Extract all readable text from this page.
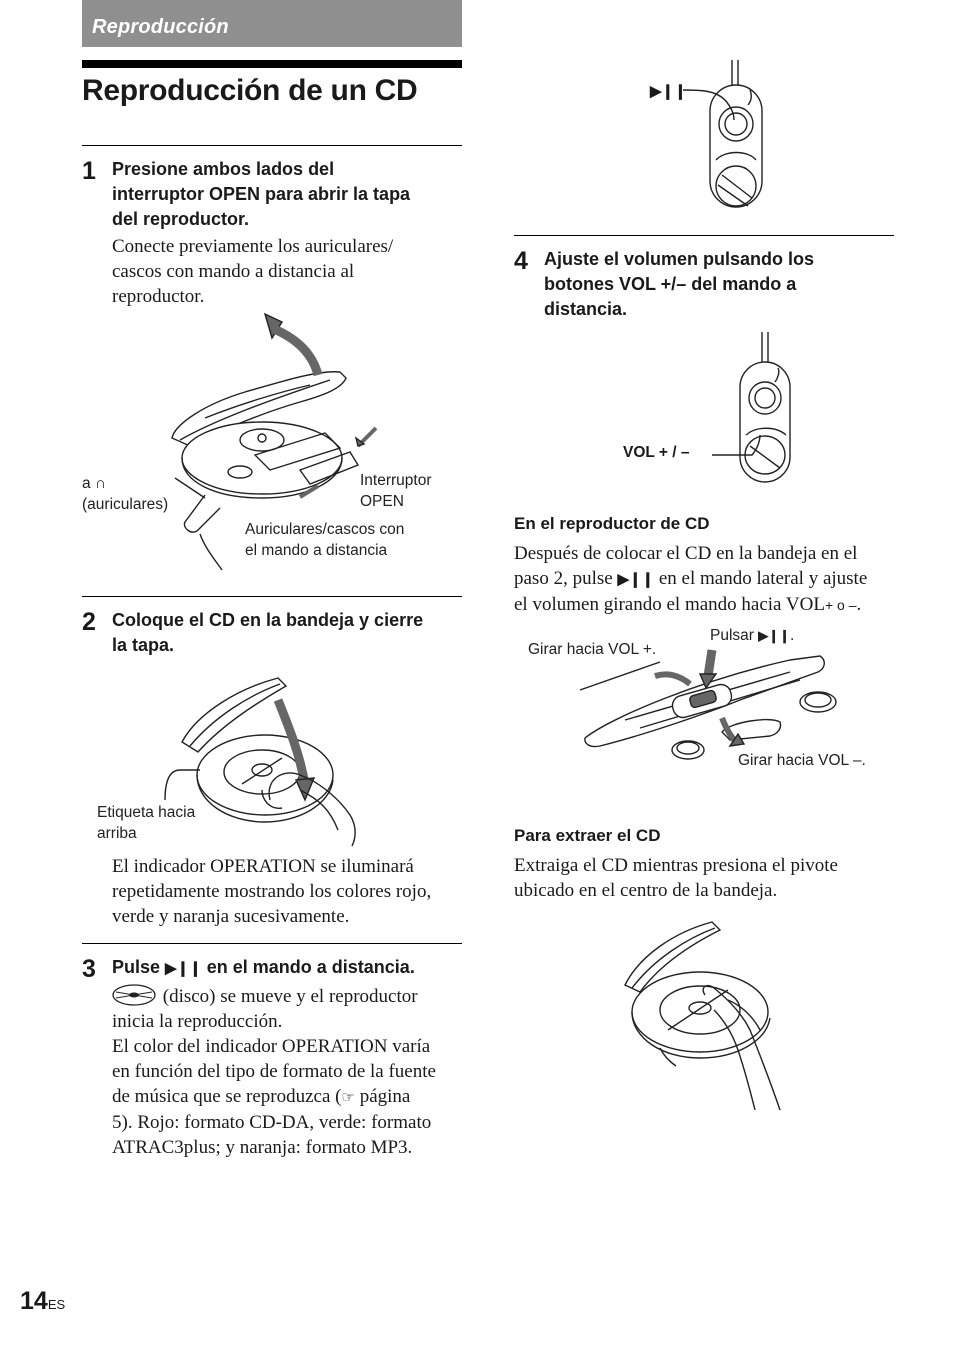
Reproducción
Reproducción de un CD
1 Presione ambos lados del
interruptor OPEN para abrir la tapa
del reproductor.
Conecte previamente los auriculares/
cascos con mando a distancia al
reproductor.
a ∩
(auriculares)
Interruptor
OPEN
Auriculares/cascos con
el mando a distancia
2 Coloque el CD en la bandeja y cierre
la tapa.
Etiqueta hacia
arriba
El indicador OPERATION se iluminará
repetidamente mostrando los colores rojo,
verde y naranja sucesivamente.
3 Pulse ▶❙❙ en el mando a distancia.
(disco) se mueve y el reproductor
inicia la reproducción.
El color del indicador OPERATION varía
en función del tipo de formato de la fuente
de música que se reproduzca (☞ página
5). Rojo: formato CD-DA, verde: formato
ATRAC3plus; y naranja: formato MP3.
▶❙❙
4 Ajuste el volumen pulsando los
botones VOL +/– del mando a
distancia.
VOL + / –
En el reproductor de CD
Después de colocar el CD en la bandeja en el
paso 2, pulse ▶❙❙ en el mando lateral y ajuste
el volumen girando el mando hacia VOL+ o –.
Pulsar ▶❙❙.
Girar hacia VOL +.
Girar hacia VOL –.
Para extraer el CD
Extraiga el CD mientras presiona el pivote
ubicado en el centro de la bandeja.
14ES
